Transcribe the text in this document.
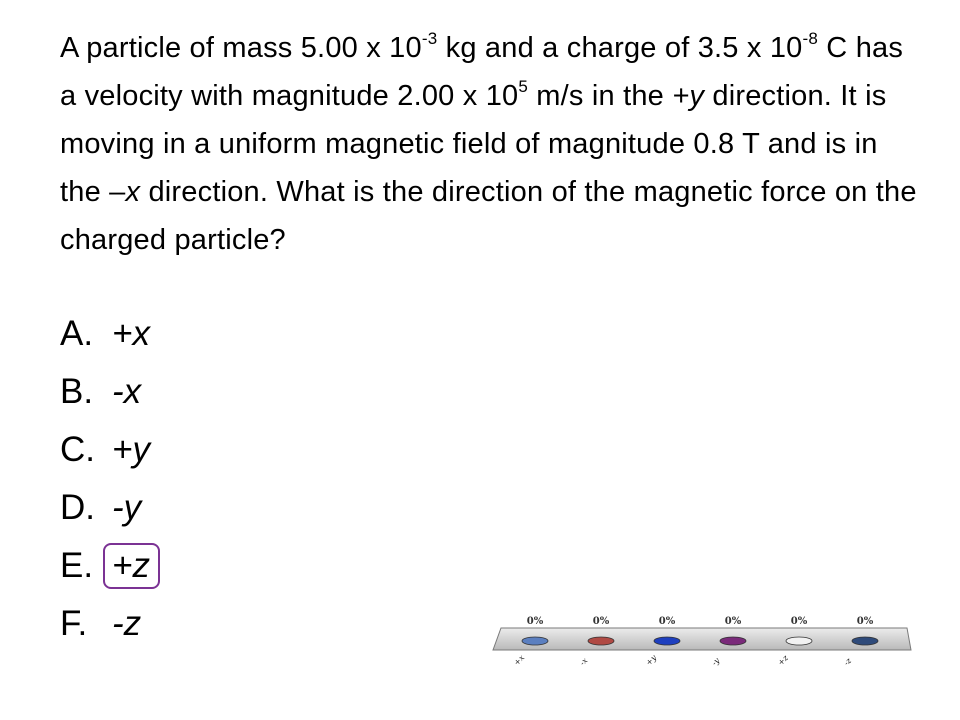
A particle of mass 5.00 x $10^{-3}$ kg and a charge of 3.5 x $10^{-8}$ C has a velocity with magnitude 2.00 x $10^5$ m/s in the +y direction. It is moving in a uniform magnetic field of magnitude 0.8 T and is in the –x direction. What is the direction of the magnetic force on the charged particle?
A. +x
B. -x
C. +y
D. -y
E. +z
F. -z	0%
+x
0%
-x
0%
+y
0%
-y
0%
+z
0%
-z
